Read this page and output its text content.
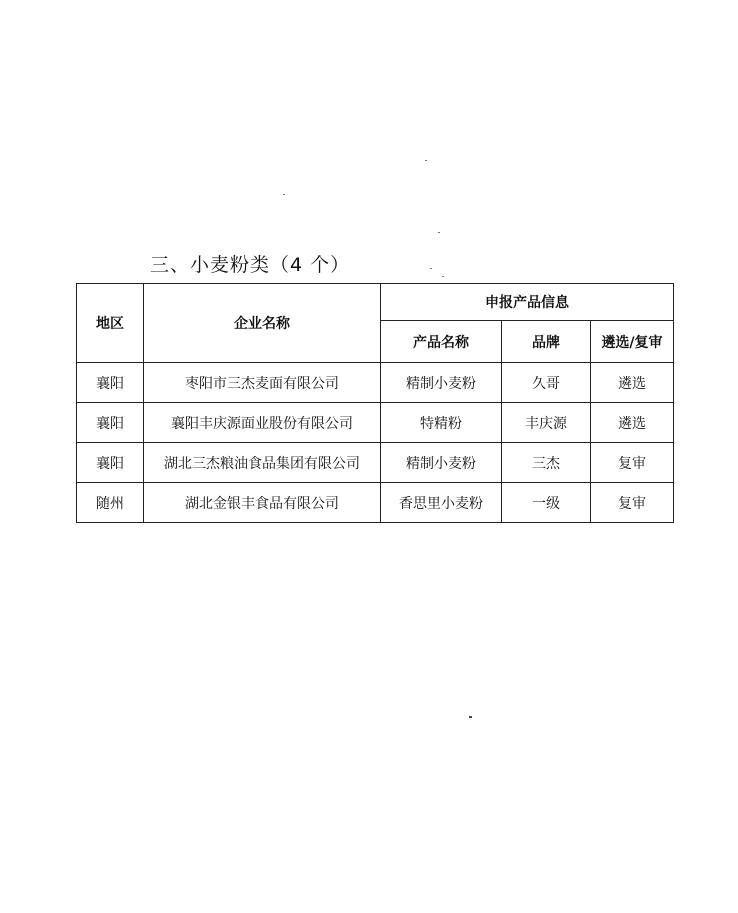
三、小麦粉类（4 个）
地区	企业名称	申报产品信息		
		产品名称	品牌	遴选/复审
襄阳	枣阳市三杰麦面有限公司	精制小麦粉	久哥	遴选
襄阳	襄阳丰庆源面业股份有限公司	特精粉	丰庆源	遴选
襄阳	湖北三杰粮油食品集团有限公司	精制小麦粉	三杰	复审
随州	湖北金银丰食品有限公司	香思里小麦粉	一级	复审
